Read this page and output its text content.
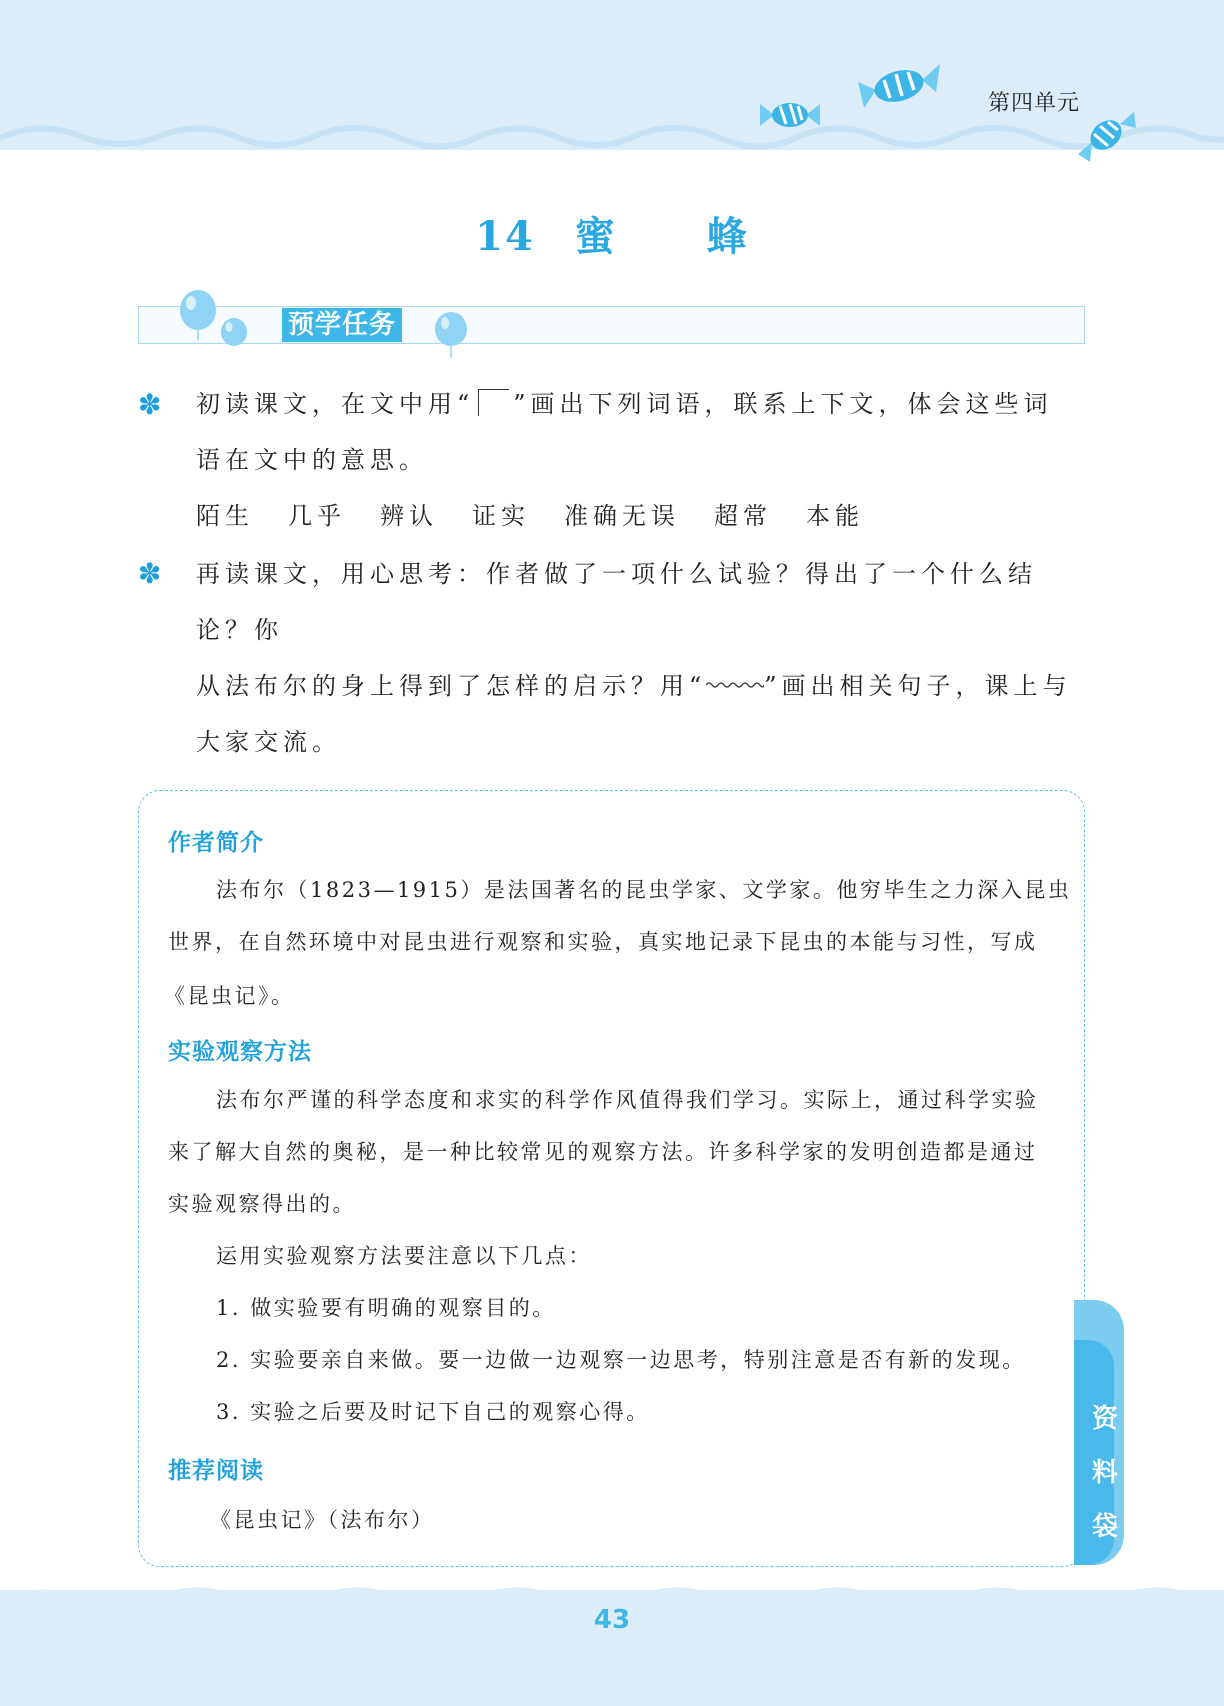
第四单元
14 蜜 蜂
预学任务
✽ 初读课文，在文中用“ ”画出下列词语，联系上下文，体会这些词
语在文中的意思。
陌生 几乎 辨认 证实 准确无误 超常 本能
✽ 再读课文，用心思考：作者做了一项什么试验？得出了一个什么结论？你
从法布尔的身上得到了怎样的启示？用“ ”画出相关句子，课上与
大家交流。
作者简介
法布尔（1823—1915）是法国著名的昆虫学家、文学家。他穷毕生之力深入昆虫
世界，在自然环境中对昆虫进行观察和实验，真实地记录下昆虫的本能与习性，写成
《昆虫记》。
实验观察方法
法布尔严谨的科学态度和求实的科学作风值得我们学习。实际上，通过科学实验
来了解大自然的奥秘，是一种比较常见的观察方法。许多科学家的发明创造都是通过
实验观察得出的。
运用实验观察方法要注意以下几点：
1. 做实验要有明确的观察目的。
2. 实验要亲自来做。要一边做一边观察一边思考，特别注意是否有新的发现。
3. 实验之后要及时记下自己的观察心得。
推荐阅读
《昆虫记》（法布尔）
资
料
袋
43
